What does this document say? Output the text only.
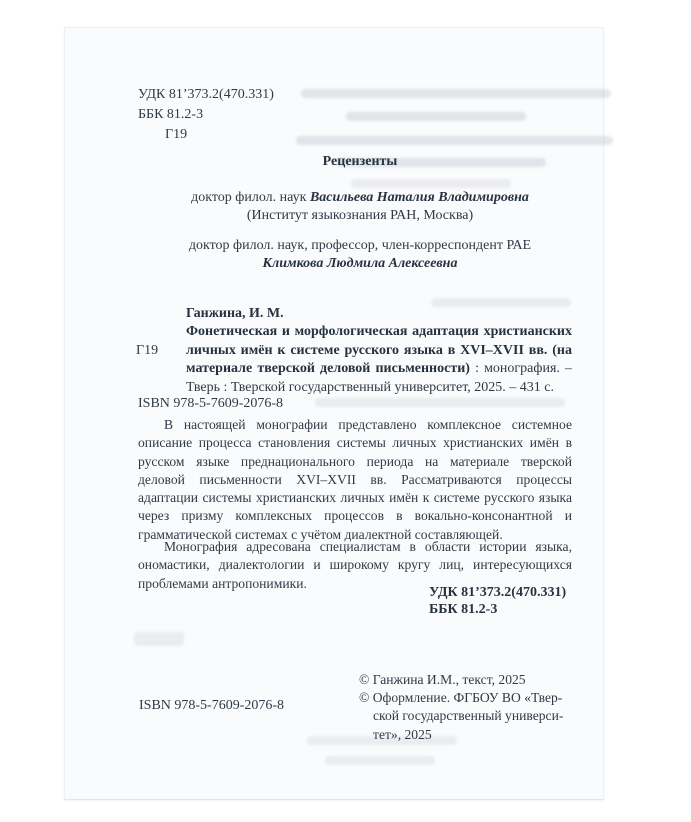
УДК 81’373.2(470.331)
ББК 81.2-3
Г19
Рецензенты
доктор филол. наук Васильева Наталия Владимировна
(Институт языкознания РАН, Москва)
доктор филол. наук, профессор, член-корреспондент РАЕ
Климкова Людмила Алексеевна
Ганжина, И. М.
Фонетическая и морфологическая адаптация христианских личных имён к системе русского языка в XVI–XVII вв. (на материале тверской деловой письменности) : монография. – Тверь : Тверской государственный университет, 2025. – 431 с.
Г19
ISBN 978-5-7609-2076-8
В настоящей монографии представлено комплексное системное описание процесса становления системы личных христианских имён в русском языке преднационального периода на материале тверской деловой письменности XVI–XVII вв. Рассматриваются процессы адаптации системы христианских личных имён к системе русского языка через призму комплексных процессов в вокально-консонантной и грамматической системах с учётом диалектной составляющей.
Монография адресована специалистам в области истории языка, ономастики, диалектологии и широкому кругу лиц, интересующихся проблемами антропонимики.
УДК 81’373.2(470.331)
ББК 81.2-3
© Ганжина И.М., текст, 2025
© Оформление. ФГБОУ ВО «Твер-
ской государственный универси-
тет», 2025
ISBN 978-5-7609-2076-8
